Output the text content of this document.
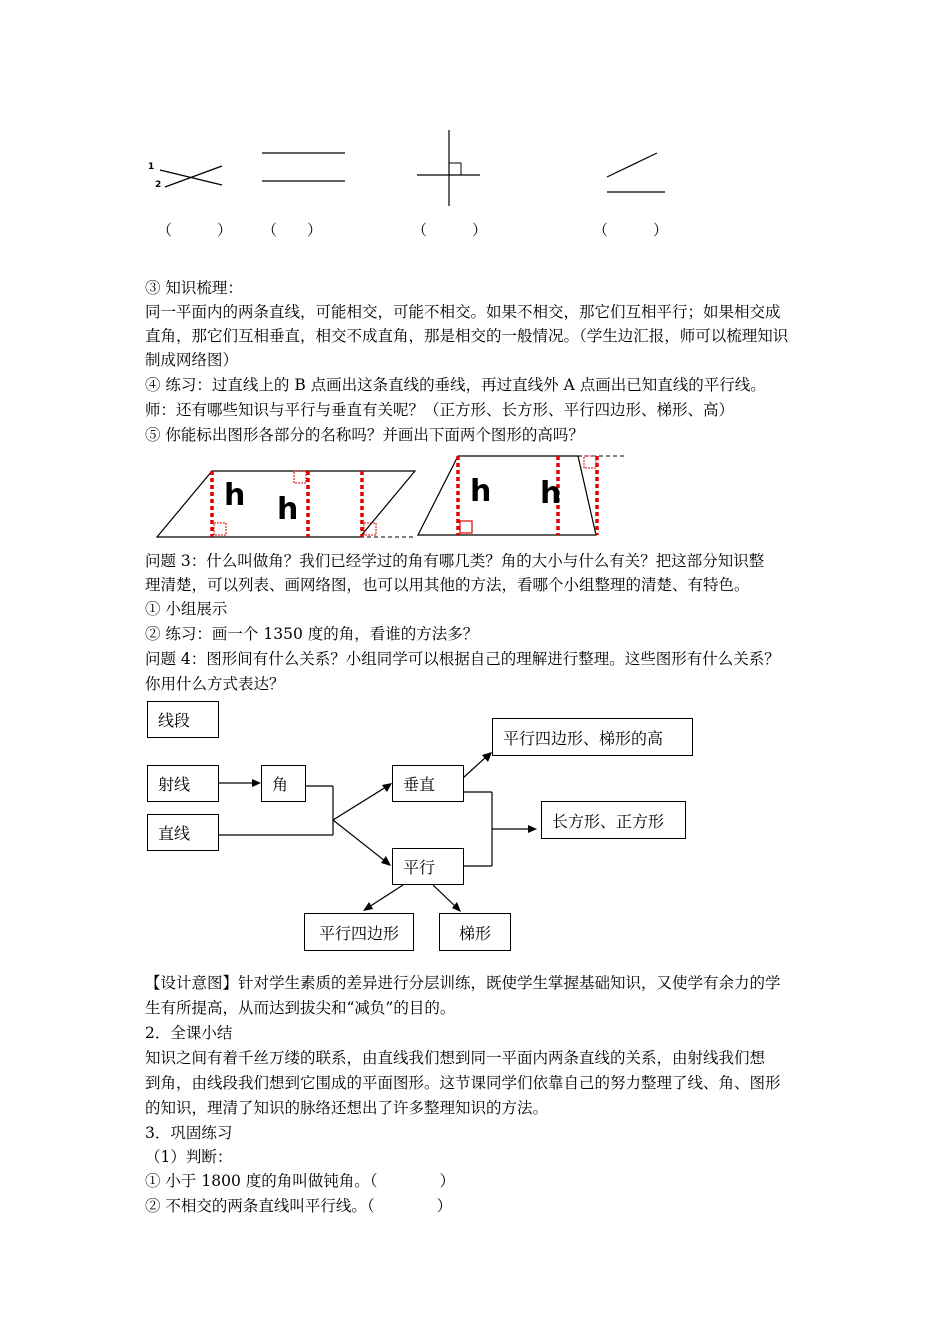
1
2
（　　　） （　　）	（　　　）	（　　　）
③ 知识梳理：
同一平面内的两条直线，可能相交，可能不相交。如果不相交，那它们互相平行；如果相交成
直角，那它们互相垂直，相交不成直角，那是相交的一般情况。（学生边汇报，师可以梳理知识
制成网络图）
④ 练习：过直线上的 B 点画出这条直线的垂线，再过直线外 A 点画出已知直线的平行线。
师：还有哪些知识与平行与垂直有关呢？（正方形、长方形、平行四边形、梯形、高）
⑤ 你能标出图形各部分的名称吗？并画出下面两个图形的高吗？
h h
h h
问题 3：什么叫做角？我们已经学过的角有哪几类？角的大小与什么有关？把这部分知识整
理清楚，可以列表、画网络图，也可以用其他的方法，看哪个小组整理的清楚、有特色。
① 小组展示
② 练习：画一个 1350 度的角，看谁的方法多？
问题 4：图形间有什么关系？小组同学可以根据自己的理解进行整理。这些图形有什么关系？
你用什么方式表达？
线段
射线
直线
角	垂直
平行
平行四边形、梯形的高
长方形、正方形
平行四边形	梯形
【设计意图】针对学生素质的差异进行分层训练，既使学生掌握基础知识，又使学有余力的学
生有所提高，从而达到拔尖和“减负”的目的。
2．全课小结
知识之间有着千丝万缕的联系，由直线我们想到同一平面内两条直线的关系，由射线我们想
到角，由线段我们想到它围成的平面图形。这节课同学们依靠自己的努力整理了线、角、图形
的知识，理清了知识的脉络还想出了许多整理知识的方法。
3．巩固练习
（1）判断：
① 小于 1800 度的角叫做钝角。（　　　　）
② 不相交的两条直线叫平行线。（　　　　）
